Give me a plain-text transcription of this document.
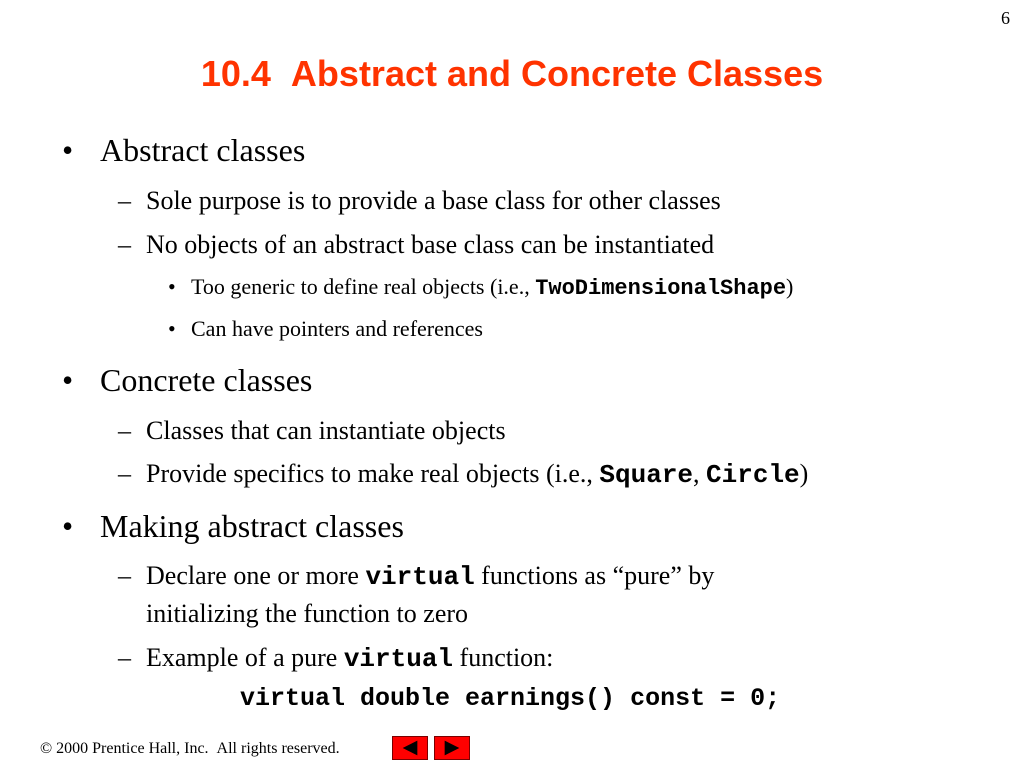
6
10.4  Abstract and Concrete Classes
• Abstract classes
– Sole purpose is to provide a base class for other classes
– No objects of an abstract base class can be instantiated
• Too generic to define real objects (i.e., TwoDimensionalShape)
• Can have pointers and references
• Concrete classes
– Classes that can instantiate objects
– Provide specifics to make real objects (i.e., Square, Circle)
• Making abstract classes
– Declare one or more virtual functions as “pure” by
initializing the function to zero
– Example of a pure virtual function:
virtual double earnings() const = 0;
© 2000 Prentice Hall, Inc.  All rights reserved.
